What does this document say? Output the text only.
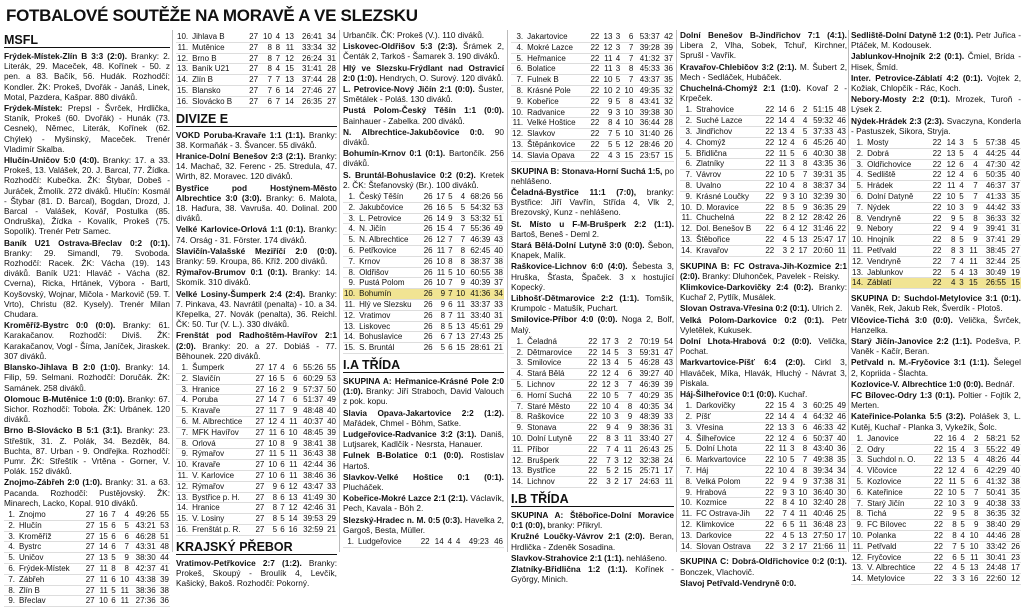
FOTBALOVÉ SOUTĚŽE NA MORAVĚ A VE SLEZSKU
MSFL

Frýdek-Místek-Zlín B 3:3 (2:0). Branky: 2. Literák, 29. Maceček, 48. Kořínek - 50. z pen. a 83. Bačík, 56. Hudák. Rozhodčí: Kondler. ŽK: Prokeš, Dvořák - Janáš, Linek, Motal, Pazdera, Kašpar. 880 diváků.

Frýdek-Místek: Prepsl - Švrček, Hrdlička, Staník, Prokeš (60. Dvořák) - Hunák (73. Cesnek), Němec, Literák, Kořínek (62. Chýlek) - Myšinský, Maceček. Trenér Vladimír Skalba.

Hlučín-Uničov 5:0 (4:0). Branky: 17. a 33. Prokeš, 13. Valášek, 20. J. Barcal, 77. Žídka. Rozhodčí: Kubečka. ŽK: Štybar, Dobeš - Juráček, Žmolík. 272 diváků. Hlučín: Kosmál - Štybar (81. D. Barcal), Bogdan, Drozd, J. Barcal - Valášek, Kovář, Postulka (85. Ondruška), Žídka - Kovalík, Prokeš (75. Sopolík). Trenér Petr Samec.

Baník U21 Ostrava-Břeclav 0:2 (0:1). Branky: 29. Simandl, 79. Svoboda. Rozhodčí: Racek. ŽK: Vácha (19). 143 diváků. Baník U21: Hlaváč - Vácha (82. Cverna), Ricka, Hrtánek, Výbora - Bartl, Koyšovský, Wojnar, Mičola - Markovič (59. T. Vrto), Christu (82. Kysely). Trenér Milan Chudara.

Kroměříž-Bystrc 0:0 (0:0). Branky: 61. Karakačanov. Rozhodčí: Diviš. ŽK: Karakačanov, Vogl - Šíma, Janíček, Jiraskek. 307 diváků.

Blansko-Jihlava B 2:0 (1:0). Branky: 14. Filip, 59. Selmani. Rozhodčí: Doručák. ŽK: Samánek. 258 diváků.

Olomouc B-Mutěnice 1:0 (0:0). Branky: 67. Sichor. Rozhodčí: Toboła. ŽK: Urbánek. 120 diváků.

Brno B-Slovácko B 5:1 (3:1). Branky: 23. Střeštík, 31. Z. Polák, 34. Bezděk, 84. Buchta, 87. Urban - 9. Ondřejka. Rozhodčí: Pumr. ŽK: Střeštík - Vrtěna - Gorner, V. Polák. 152 diváků.

Znojmo-Zábřeh 2:0 (1:0). Branky: 31. a 63. Pacanda. Rozhodčí: Pustějovský. ŽK: Minarech, Lacko, Kopal. 910 diváků.

1.	Znojmo	27	16	7	4	49:26	55
2.	Hlučín	27	15	6	5	43:21	53
3.	Kroměříž	27	15	6	6	46:28	51
4.	Bystrc	27	14	6	7	43:31	48
5.	Uničov	27	13	5	9	38:30	44
6.	Frýdek-Místek	27	11	8	8	42:37	41
7.	Zábřeh	27	11	6	10	43:38	39
8.	Zlín B	27	11	5	11	38:36	38
9.	Břeclav	27	10	6	11	27:36	36
10.	Jihlava B	27	10	4	13	26:41	34
11.	Mutěnice	27	8	8	11	33:34	32
12.	Brno B	27	8	7	12	26:24	31
13.	Baník U21	27	8	4	15	31:41	28
14.	Zlín B	27	7	7	13	37:44	28
15.	Blansko	27	7	6	14	27:46	27
16.	Slovácko B	27	6	7	14	26:35	27
DIVIZE E

VOKD Poruba-Kravaře 1:1 (1:1). Branky: 38. Kormaňák - 3. Švancer. 55 diváků.

Hranice-Dolní Benešov 2:3 (2:1). Branky: 14. Machač, 32. Ferenc - 25. Stredula, 47. Wirth, 82. Moravec. 120 diváků.

Bystřice pod Hostýnem-Město Albrechtice 3:0 (3:0). Branky: 6. Malota, 18. Haďura, 38. Vavruša. 40. Dolinal. 200 diváků.

Velké Karlovice-Orlová 1:1 (0:1). Branky: 74. Orság - 31. Förster. 174 diváků.

Slavičín-Valašské Meziříčí 2:0 (0:0). Branky: 59. Kroupa, 86. Kříž. 200 diváků.

Rýmařov-Brumov 0:1 (0:1). Branky: 14. Skomík. 310 diváků.

Velké Losiny-Šumperk 2:4 (2:4). Branky: 7. Pinkava, 43. Navrátil (penalta) - 10. a 34. Křepelka, 27. Novák (penalta), 36. Reichl. ČK: 50. Tur (V. L.). 330 diváků.

Frenštát pod Radhoštěm-Havířov 2:1 (2:0). Branky: 20. a 27. Dobiáš - 77. Běhounek. 220 diváků.

1.	Šumperk	27	17	4	6	55:26	55
2.	Slavičín	27	16	5	6	60:29	53
3.	Hranice	27	16	2	9	57:37	50
4.	Poruba	27	14	7	6	51:37	49
5.	Kravaře	27	11	7	9	48:48	40
6.	M. Albrechtice	27	12	4	11	40:37	40
7.	MFK Havířov	27	11	6	10	48:45	39
8.	Orlová	27	10	8	9	38:41	38
9.	Rýmařov	27	11	5	11	36:43	38
10.	Kravaře	27	10	6	11	42:44	36
11.	V. Karlovice	27	10	6	11	38:46	36
12.	Rýmařov	27	9	6	12	43:47	33
13.	Bystřice p. H.	27	8	6	13	41:49	30
14.	Hranice	27	8	7	12	42:46	31
15.	V. Losiny	27	8	5	14	39:53	29
16.	Frenštát p. R.	27	5	6	16	32:59	21
KRAJSKÝ PŘEBOR

Vratimov-Petřkovice 2:7 (1:2). Branky: Prokeš, Skoupý - Broulík 4, Levčík, Kašický, Bakoš. Rozhodčí: Pokorný.

Urbančík. ČK: Prokeš (V.). 110 diváků.

Liskovec-Oldřišov 5:3 (2:3). Šrámek 2, Čenták 2, Tarkoš - Šamarek 3. 190 diváků.

Hlý ve Slezsku-Frýdlant nad Ostravicí 2:0 (1:0). Hendrych, O. Surový. 120 diváků.

L. Petrovice-Nový Jičín 2:1 (0:0). Šuster, Smětálek - Poláš. 130 diváků.

Pustá Polom-Český Těšín 1:1 (0:0). Bainhauer - Zabelka. 200 diváků.

N. Albrechtice-Jakubčovice 0:0. 90 diváků.

Bohumín-Krnov 0:1 (0:1). Bartončík. 256 diváků.

S. Bruntál-Bohuslavice 0:2 (0:2). Kretek 2. ČK: Štefanovský (Br.). 100 diváků.

1.	Český Těšín	26	17	5	4	68:26	56
2.	Jakubčovice	26	16	5	5	54:32	53
3.	L. Petrovice	26	14	9	3	53:32	51
4.	N. Jičín	26	15	4	7	55:36	49
5.	N. Albrechtice	26	12	7	7	46:39	43
6.	Petřkovice	26	11	7	8	62:45	40
7.	Krnov	26	10	8	8	38:37	38
8.	Oldřišov	26	11	5	10	60:55	38
9.	Pustá Polom	26	10	7	9	40:39	37
10.	Bohumín	26	9	7	10	41:36	34
11.	Hlý ve Slezsku	26	9	6	11	33:37	33
12.	Vratimov	26	8	7	11	33:40	31
13.	Liskovec	26	8	5	13	45:61	29
14.	Bohuslavice	26	6	7	13	27:43	25
15.	S. Bruntál	26	5	6	15	28:61	21
I.A TŘÍDA

SKUPINA A: Heřmanice-Krásné Pole 2:0 (1:0). Branky: Jiří Straboch, David Valouch z pok. kopu.

Slavia Opava-Jakartovice 2:2 (1:2). Mařádek, Chmel - Böhm, Satke.

Ludgeřovice-Radvanice 3:2 (3:1). Daniš, Lutjsarek, Kadlčík - Nesrsta, Hanauer.

Fulnek B-Bolatice 0:1 (0:0). Rostislav Hartoš.

Slavkov-Velké Hoštice 0:1 (0:1). Plucháček.

Kobeřice-Mokré Lazce 2:1 (2:1). Václavík, Pech, Kavala - Böh 2.

Slezský-Hradec n. M. 0:5 (0:3). Havelka 2, Gargoš, Besta, Müller.

1.	Ludgeřovice	22	14	4	4	49:23	46
3.	Jakartovice	22	13	3	6	53:37	42
4.	Mokré Lazce	22	12	3	7	39:28	39
5.	Heřmanice	22	11	4	7	41:32	37
6.	Bolatice	22	11	3	8	45:33	36
7.	Fulnek B	22	10	5	7	43:37	35
8.	Krásné Pole	22	10	2	10	49:35	32
9.	Kobeřice	22	9	5	8	43:41	32
10.	Radvanice	22	9	3	10	39:38	30
11.	Velké Hoštice	22	8	4	10	36:44	28
12.	Slavkov	22	7	5	10	31:40	26
13.	Štěpánkovice	22	5	5	12	28:46	20
14.	Slavia Opava	22	4	3	15	23:57	15

SKUPINA B: Stonava-Horní Suchá 1:5, po nehlášeno.

Čeladná-Bystřice 11:1 (7:0), branky: Bystřice: Jiří Vavřín, Střída 4, Vlk 2, Brezovský, Kunz - nehlášeno.

St. Místo u F-M-Brušperk 2:2 (1:1). Bartoš, Beneš - Deml 2.

Stará Bělá-Dolní Lutyně 3:0 (0:0). Šebon, Knapek, Malík.

Raškovice-Lichnov 6:0 (4:0). Šebesta 3, Hruška, Šťasta, Špaček. 3 x hostující Kopecký.

Libhošť-Dětmarovice 2:2 (1:1). Tomšík, Krumpolc - Matušík, Puchart.

Smilovice-Příbor 4:0 (0:0). Noga 2, Bolf, Malý.

1.	Čeladná	22	17	3	2	70:19	54
2.	Dětmarovice	22	14	5	3	59:31	47
3.	Smilovice	22	13	4	5	46:28	43
4.	Stará Bělá	22	12	4	6	39:27	40
5.	Lichnov	22	12	3	7	46:39	39
6.	Horní Suchá	22	10	5	7	40:29	35
7.	Staré Město	22	10	4	8	40:35	34
8.	Raškovice	22	10	3	9	48:39	33
9.	Stonava	22	9	4	9	38:36	31
10.	Dolní Lutyně	22	8	3	11	33:40	27
11.	Příbor	22	7	4	11	26:43	25
12.	Brušperk	22	7	3	12	32:38	24
13.	Bystřice	22	5	2	15	25:71	17
14.	Lichnov	22	3	2	17	24:63	11
I.B TŘÍDA

SKUPINA A: Štěbořice-Dolní Moravice 0:1 (0:0), branky: Přikryl.

Kružné Loučky-Vávrov 2:1 (2:0). Beran, Hrdlička - Zdeněk Sosadina.

Slavkov-Strahovice 2:1 (1:1). nehlášeno.

Zlatníky-Břidlična 1:2 (1:1). Kořínek - György, Minich.

Dolní Benešov B-Jindřichov 7:1 (4:1). Libera 2, Vlha, Sobek, Tchuř, Kirchner, Sprušl - Vavřík.

Kravařov-Chlebičov 3:2 (2:1). M. Šubert 2, Mech - Sedláček, Hubáček.

Chuchelná-Chomýž 2:1 (1:0). Kovaľ 2 - Krpeček.

1.	Strahovice	22	14	6	2	51:15	48
2.	Suché Lazce	22	14	4	4	59:32	46
3.	Jindřichov	22	13	4	5	37:33	43
4.	Chomýž	22	12	4	6	45:26	40
5.	Břidlična	22	11	5	6	40:30	38
6.	Zlatníky	22	11	3	8	43:35	36
7.	Vávrov	22	10	5	7	39:31	35
8.	Uvalno	22	10	4	8	38:37	34
9.	Krásné Loučky	22	9	3	10	32:39	30
10.	D. Moravice	22	8	5	9	36:35	29
11.	Chuchelná	22	8	2	12	28:42	26
12.	Dol. Benešov B	22	6	4	12	31:46	22
13.	Štěbořice	22	4	5	13	25:47	17
14.	Kravařov	22	3	2	17	20:60	11

SKUPINA B: FC Ostrava-Jih-Kozmice 2:1 (2:0). Branky: Dluhonček, Pavelek - Reisky.

Klimkovice-Darkovičky 2:4 (0:2). Branky: Kuchař 2, Pytlík, Musálek.

Slovan Ostrava-Vřesina 0:2 (0:1). Ulrich 2.

Velká Polom-Darkovice 0:2 (0:1). Petr Vyletělek, Kukusek.

Dolní Lhota-Hrabová 0:2 (0:0). Velička, Pochat.

Markvartovice-Píšť 6:4 (2:0). Cirkl 3, Hlaváček, Míka, Hlavák, Hluchý - Návrat 3, Piskala.

Háj-Šilheřovice 0:1 (0:0). Kuchař.

1.	Darkovičky	22	15	4	3	60:25	49
2.	Píšť	22	14	4	4	64:32	46
3.	Vřesina	22	13	3	6	46:33	42
4.	Šilheřovice	22	12	4	6	50:37	40
5.	Dolní Lhota	22	11	3	8	43:40	36
6.	Markvartovice	22	10	5	7	49:38	35
7.	Háj	22	10	4	8	39:34	34
8.	Velká Polom	22	9	4	9	37:38	31
9.	Hrabová	22	9	3	10	36:40	30
10.	Kozmice	22	8	4	10	32:40	28
11.	FC Ostrava-Jih	22	7	4	11	40:46	25
12.	Klimkovice	22	6	5	11	36:48	23
13.	Darkovice	22	4	5	13	27:50	17
14.	Slovan Ostrava	22	3	2	17	21:66	11

SKUPINA C: Dobrá-Oldřichovice 0:2 (0:1). Bonczek, Vlachovič.

Slavoj Petřvald-Vendryně 0:0.

Sedliště-Dolní Datyně 1:2 (0:1). Petr Juřica - Ptáček, M. Kodousek.

Jablunkov-Hnojník 2:2 (0:1). Čmiel, Brída - Hisek, Šmíd.

Inter. Petrovice-Záblatí 4:2 (0:1). Vojtek 2, Kožiak, Chlopčík - Rác, Koch.

Nebory-Mosty 2:2 (0:1). Mrozek, Turoň - Lýsek 2.

Nýdek-Hrádek 2:3 (2:3). Svaczyna, Konderla - Pastuszek, Sikora, Stryja.

1.	Mosty	22	14	3	5	57:38	45
2.	Dobrá	22	13	5	4	44:25	44
3.	Oldřichovice	22	12	6	4	47:30	42
4.	Sedliště	22	12	4	6	50:35	40
5.	Hrádek	22	11	4	7	46:37	37
6.	Dolní Datyně	22	10	5	7	41:33	35
7.	Nýdek	22	10	3	9	44:42	33
8.	Vendryně	22	9	5	8	36:33	32
9.	Nebory	22	9	4	9	39:41	31
10.	Hnojník	22	8	5	9	37:41	29
11.	Petřvald	22	8	3	11	38:45	27
12.	Vendryně	22	7	4	11	32:44	25
13.	Jablunkov	22	5	4	13	30:49	19
14.	Záblatí	22	4	3	15	26:55	15

SKUPINA D: Suchdol-Metylovice 3:1 (0:1). Vaněk, Rek, Jakub Rek, Šverdík - Plotoš.

Vlčovice-Tichá 3:0 (0:0). Velička, Švrček, Hanzelka.

Starý Jičín-Janovice 2:2 (1:1). Podešva, P. Vaněk - Kačír, Beran.

Petřvald n. M.-Fryčovice 3:1 (1:1). Šelegel 2, Kopriida - Šlachta.

Kozlovice-V. Albrechtice 1:0 (0:0). Bednář.

FC Bílovec-Odry 1:3 (0:1). Poltier - Fojtík 2, Merten.

Kateřinice-Polanka 5:5 (3:2). Polášek 3, L. Kutěj, Kuchař - Planka 3, Vykežík, Šolc.

1.	Janovice	22	16	4	2	58:21	52
2.	Odry	22	15	4	3	55:22	49
3.	Suchdol n. O.	22	13	5	4	48:26	44
4.	Vlčovice	22	12	4	6	42:29	40
5.	Kozlovice	22	11	5	6	41:32	38
6.	Kateřinice	22	10	5	7	50:41	35
7.	Starý Jičín	22	10	3	9	40:38	33
8.	Tichá	22	9	5	8	36:35	32
9.	FC Bílovec	22	8	5	9	38:40	29
10.	Polanka	22	8	4	10	44:46	28
11.	Petřvald	22	7	5	10	33:42	26
12.	Fryčovice	22	6	5	11	30:41	23
13.	V. Albrechtice	22	4	5	13	24:48	17
14.	Metylovice	22	3	3	16	22:60	12
